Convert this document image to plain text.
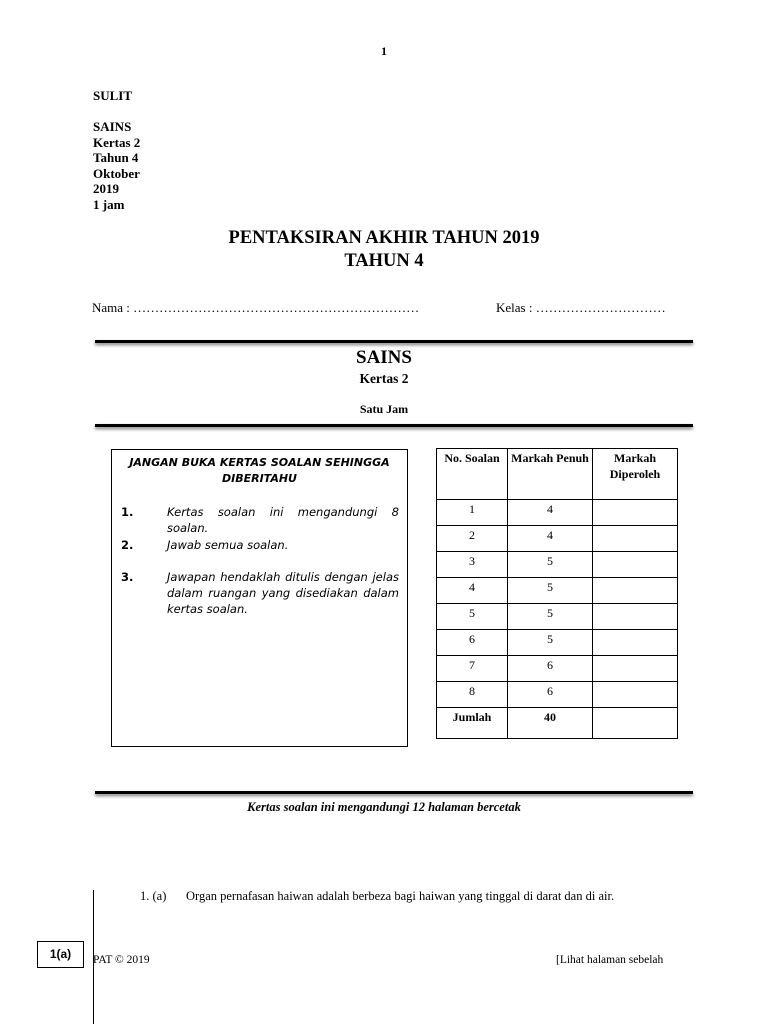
1
SULIT
SAINS
Kertas 2
Tahun 4
Oktober
2019
1 jam
PENTAKSIRAN AKHIR TAHUN 2019
TAHUN 4
Nama : …………………………………………………………	Kelas : …………………………
SAINS
Kertas 2
Satu Jam
JANGAN BUKA KERTAS SOALAN SEHINGGA DIBERITAHU
1.	Kertas soalan ini mengandungi 8 soalan.
2.	Jawab semua soalan.
3.	Jawapan hendaklah ditulis dengan jelas dalam ruangan yang disediakan dalam kertas soalan.
No. Soalan	Markah Penuh	Markah Diperoleh
1	4	
2	4	
3	5	
4	5	
5	5	
6	5	
7	6	
8	6	
Jumlah	40	
Kertas soalan ini mengandungi 12 halaman bercetak
1. (a) Organ pernafasan haiwan adalah berbeza bagi haiwan yang tinggal di darat dan di air.
1(a)	PAT © 2019	[Lihat halaman sebelah
